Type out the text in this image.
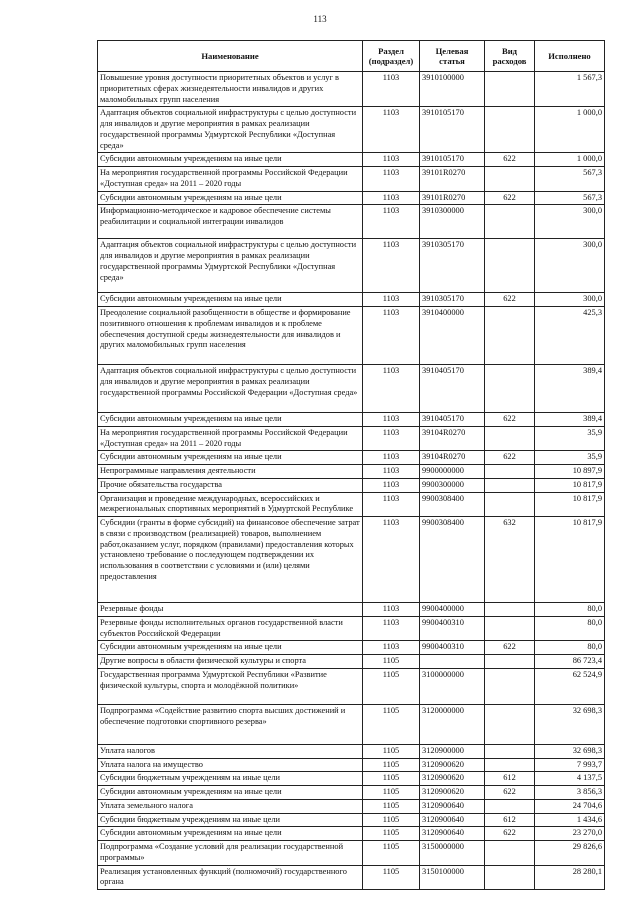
113
Наименование	Раздел (подраздел)	Целевая статья	Вид расходов	Исполнено
Повышение уровня доступности приоритетных объектов и услуг в приоритетных сферах жизнедеятельности инвалидов и других маломобильных групп населения	1103	3910100000		1 567,3
Адаптация объектов социальной инфраструктуры с целью доступности для инвалидов и другие мероприятия в рамках реализации государственной программы Удмуртской Республики «Доступная среда»	1103	3910105170		1 000,0
Субсидии автономным учреждениям на иные цели	1103	3910105170	622	1 000,0
На мероприятия государственной программы Российской Федерации «Доступная среда» на 2011 – 2020 годы	1103	39101R0270		567,3
Субсидии автономным учреждениям на иные цели	1103	39101R0270	622	567,3
Информационно-методическое и кадровое обеспечение системы реабилитации и социальной интеграции инвалидов	1103	3910300000		300,0
Адаптация объектов социальной инфраструктуры с целью доступности для инвалидов и другие мероприятия в рамках реализации государственной программы Удмуртской Республики «Доступная среда»	1103	3910305170		300,0
Субсидии автономным учреждениям на иные цели	1103	3910305170	622	300,0
Преодоление социальной разобщенности в обществе и формирование позитивного отношения к проблемам инвалидов и к проблеме обеспечения доступной среды жизнедеятельности для инвалидов и других маломобильных групп населения	1103	3910400000		425,3
Адаптация объектов социальной инфраструктуры с целью доступности для инвалидов и другие мероприятия в рамках реализации государственной программы Российской Федерации «Доступная среда»	1103	3910405170		389,4
Субсидии автономным учреждениям на иные цели	1103	3910405170	622	389,4
На мероприятия государственной программы Российской Федерации «Доступная среда» на 2011 – 2020 годы	1103	39104R0270		35,9
Субсидии автономным учреждениям на иные цели	1103	39104R0270	622	35,9
Непрограммные направления деятельности	1103	9900000000		10 897,9
Прочие обязательства государства	1103	9900300000		10 817,9
Организация и проведение международных, всероссийских и межрегиональных спортивных мероприятий в Удмуртской Республике	1103	9900308400		10 817,9
Субсидии (гранты в форме субсидий) на финансовое обеспечение затрат в связи с производством (реализацией) товаров, выполнением работ,оказанием услуг, порядком (правилами) предоставления которых установлено требование о последующем подтверждении их использования в соответствии с условиями и (или) целями предоставления	1103	9900308400	632	10 817,9
Резервные фонды	1103	9900400000		80,0
Резервные фонды исполнительных органов государственной власти субъектов Российской Федерации	1103	9900400310		80,0
Субсидии автономным учреждениям на иные цели	1103	9900400310	622	80,0
Другие вопросы в области физической культуры и спорта	1105			86 723,4
Государственная программа Удмуртской Республики «Развитие физической культуры, спорта и молодёжной политики»	1105	3100000000		62 524,9
Подпрограмма «Содействие развитию спорта высших достижений и обеспечение подготовки спортивного резерва»	1105	3120000000		32 698,3
Уплата налогов	1105	3120900000		32 698,3
Уплата налога на имущество	1105	3120900620		7 993,7
Субсидии бюджетным учреждениям на иные цели	1105	3120900620	612	4 137,5
Субсидии автономным учреждениям на иные цели	1105	3120900620	622	3 856,3
Уплата земельного налога	1105	3120900640		24 704,6
Субсидии бюджетным учреждениям на иные цели	1105	3120900640	612	1 434,6
Субсидии автономным учреждениям на иные цели	1105	3120900640	622	23 270,0
Подпрограмма «Создание условий для реализации государственной программы»	1105	3150000000		29 826,6
Реализация установленных функций (полномочий) государственного органа	1105	3150100000		28 280,1
